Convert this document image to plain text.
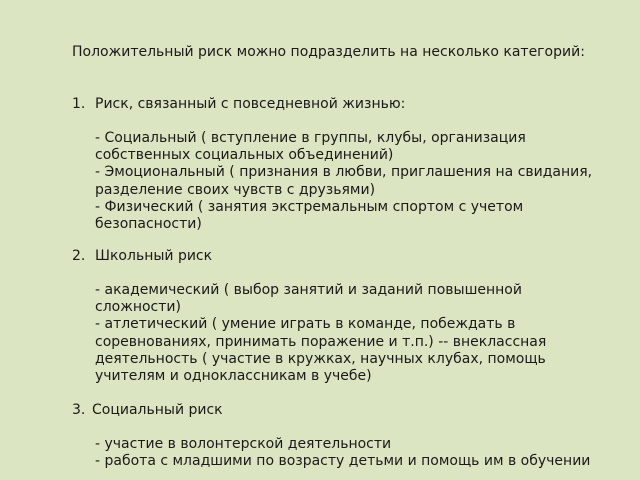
Положительный риск можно подразделить на несколько категорий:

1. Риск, связанный с повседневной жизнью:
- Социальный ( вступление в группы, клубы, организация собственных социальных объединений)
- Эмоциональный ( признания в любви, приглашения на свидания, разделение своих чувств с друзьями)
- Физический ( занятия экстремальным спортом с учетом безопасности)
2. Школьный риск
- академический ( выбор занятий и заданий повышенной сложности)
- атлетический ( умение играть в команде, побеждать в соревнованиях, принимать поражение и т.п.) -- внеклассная деятельность ( участие в кружках, научных клубах, помощь учителям и одноклассникам в учебе)
3. Социальный риск
- участие в волонтерской деятельности
- работа с младшими по возрасту детьми и помощь им в обучении
